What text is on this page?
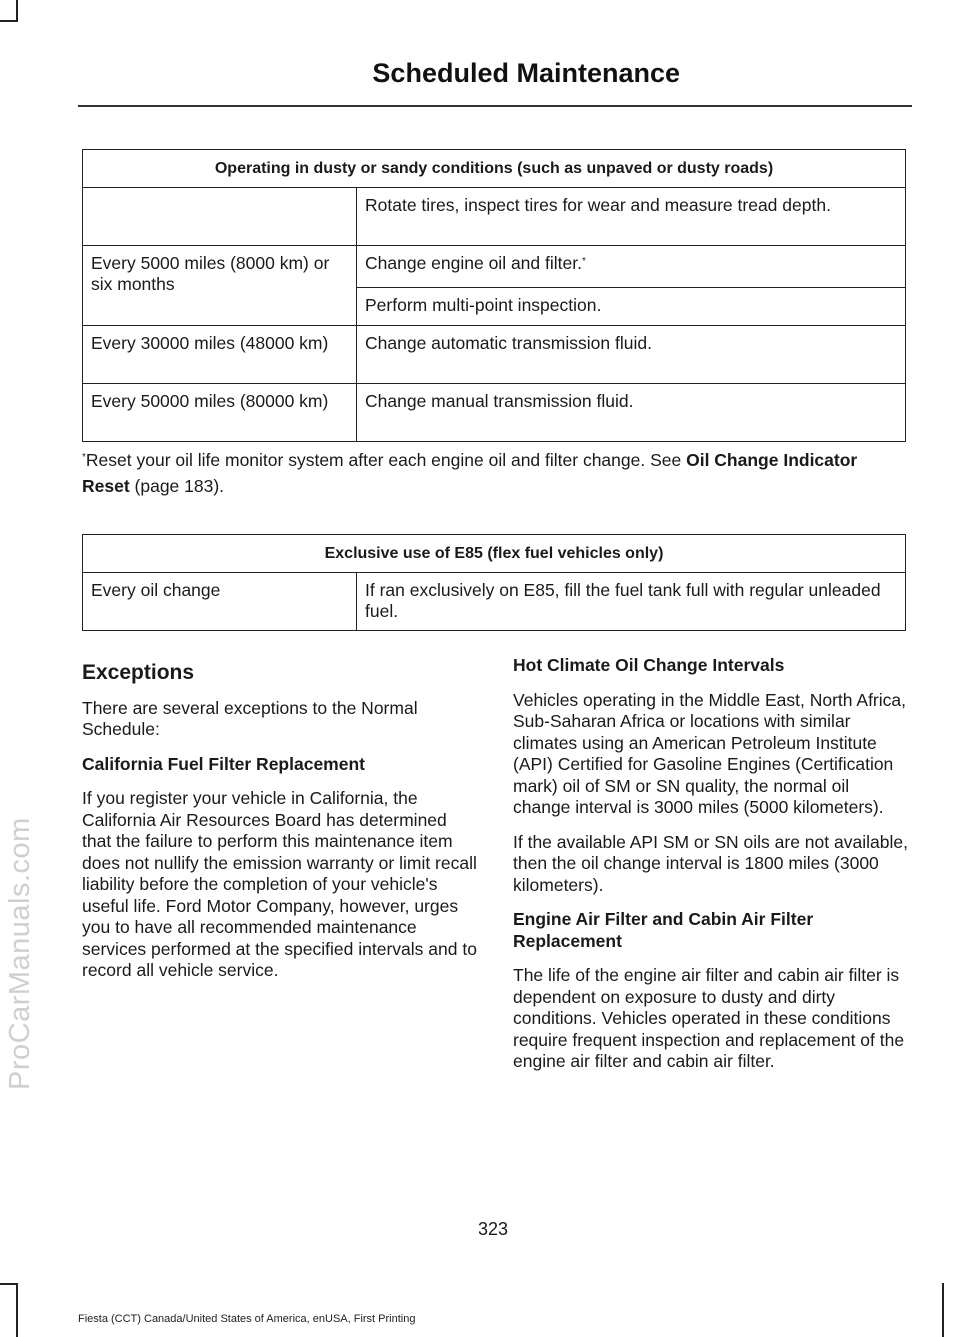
ProCarManuals.com
Scheduled Maintenance
Operating in dusty or sandy conditions (such as unpaved or dusty roads)	
	Rotate tires, inspect tires for wear and measure tread depth.
Every 5000 miles (8000 km) or six months	Change engine oil and filter.*
	Perform multi-point inspection.
Every 30000 miles (48000 km)	Change automatic transmission fluid.
Every 50000 miles (80000 km)	Change manual transmission fluid.
*Reset your oil life monitor system after each engine oil and filter change. See Oil Change Indicator Reset (page 183).
Exclusive use of E85 (flex fuel vehicles only)
Every oil change	If ran exclusively on E85, fill the fuel tank full with regular unleaded fuel.
Exceptions

There are several exceptions to the Normal Schedule:

California Fuel Filter Replacement

If you register your vehicle in California, the California Air Resources Board has determined that the failure to perform this maintenance item does not nullify the emission warranty or limit recall liability before the completion of your vehicle's useful life. Ford Motor Company, however, urges you to have all recommended maintenance services performed at the specified intervals and to record all vehicle service.

Hot Climate Oil Change Intervals

Vehicles operating in the Middle East, North Africa, Sub-Saharan Africa or locations with similar climates using an American Petroleum Institute (API) Certified for Gasoline Engines (Certification mark) oil of SM or SN quality, the normal oil change interval is 3000 miles (5000 kilometers).

If the available API SM or SN oils are not available, then the oil change interval is 1800 miles (3000 kilometers).

Engine Air Filter and Cabin Air Filter Replacement

The life of the engine air filter and cabin air filter is dependent on exposure to dusty and dirty conditions. Vehicles operated in these conditions require frequent inspection and replacement of the engine air filter and cabin air filter.

323
Fiesta (CCT) Canada/United States of America, enUSA, First Printing
